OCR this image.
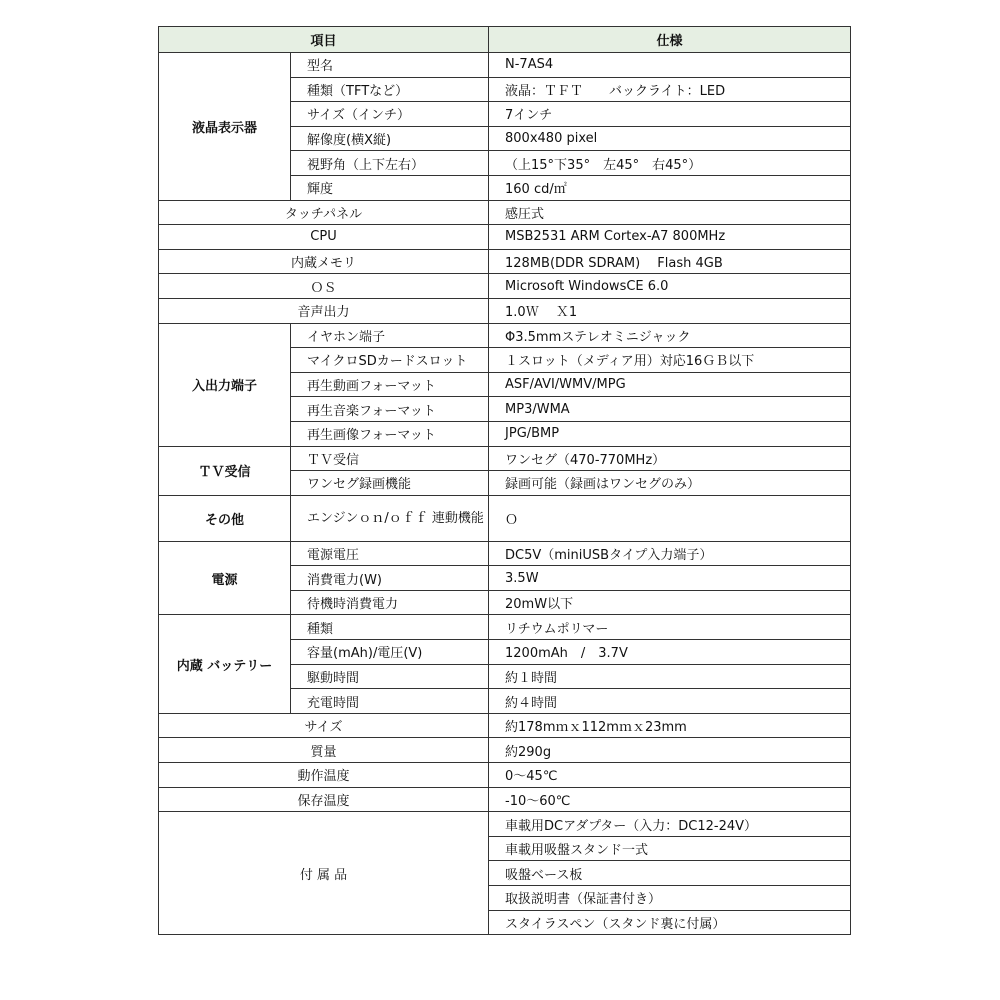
項目		仕様
液晶表示器	型名	N-7AS4
	種類（TFTなど）	液晶：ＴＦＴ　　バックライト：LED
	サイズ（インチ）	7インチ
	解像度(横X縦)	800x480 pixel
	視野角（上下左右）	（上15°下35°　左45°　右45°）
	輝度	160 cd/㎡
タッチパネル		感圧式
CPU		MSB2531 ARM Cortex-A7 800MHz
内蔵メモリ		128MB(DDR SDRAM)　 Flash 4GB
ＯＳ		Microsoft WindowsCE 6.0
音声出力		1.0Ｗ　 Ｘ1
入出力端子	イヤホン端子	Φ3.5mmステレオミニジャック
	マイクロSDカードスロット	１スロット（メディア用）対応16ＧＢ以下
	再生動画フォーマット	ASF/AVI/WMV/MPG
	再生音楽フォーマット	MP3/WMA
	再生画像フォーマット	JPG/BMP
ＴＶ受信	ＴＶ受信	ワンセグ（470-770MHz）
	ワンセグ録画機能	録画可能（録画はワンセグのみ）
その他	エンジンｏｎ/ｏｆｆ 連動機能	Ｏ
電源	電源電圧	DC5V（miniUSBタイプ入力端子）
	消費電力(W)	3.5W
	待機時消費電力	20mW以下
内蔵 バッテリー	種類	リチウムポリマー
	容量(mAh)/電圧(V)	1200mAh　/　3.7V
	駆動時間	約１時間
	充電時間	約４時間
サイズ		約178mｍｘ112mｍｘ23mm
質量		約290g
動作温度		0～45℃
保存温度		-10～60℃
付 属 品		車載用DCアダプター（入力：DC12-24V）
		車載用吸盤スタンド一式
		吸盤ベース板
		取扱説明書（保証書付き）
		スタイラスペン（スタンド裏に付属）
